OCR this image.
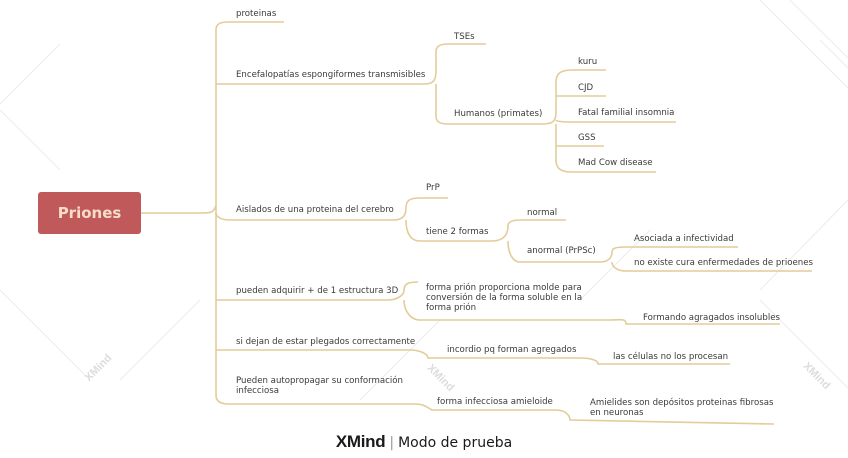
Priones
proteinas
Encefalopatías espongiformes transmisibles
TSEs
Humanos (primates)
kuru
CJD
Fatal familial insomnia
GSS
Mad Cow disease
Aislados de una proteina del cerebro
PrP
tiene 2 formas
normal
anormal (PrPSc)
Asociada a infectividad
no existe cura enfermedades de prioenes
pueden adquirir + de 1 estructura 3D	forma prión proporciona molde para conversión de la forma soluble en la forma prión
Formando agragados insolubles
si dejan de estar plegados correctamente
incordio pq forman agregados
las células no los procesan
Pueden autopropagar su conformación infecciosa
forma infecciosa amieloide	Amielides son depósitos proteinas fibrosas en neuronas
XMind	XMind	XMind
XMind | Modo de prueba
